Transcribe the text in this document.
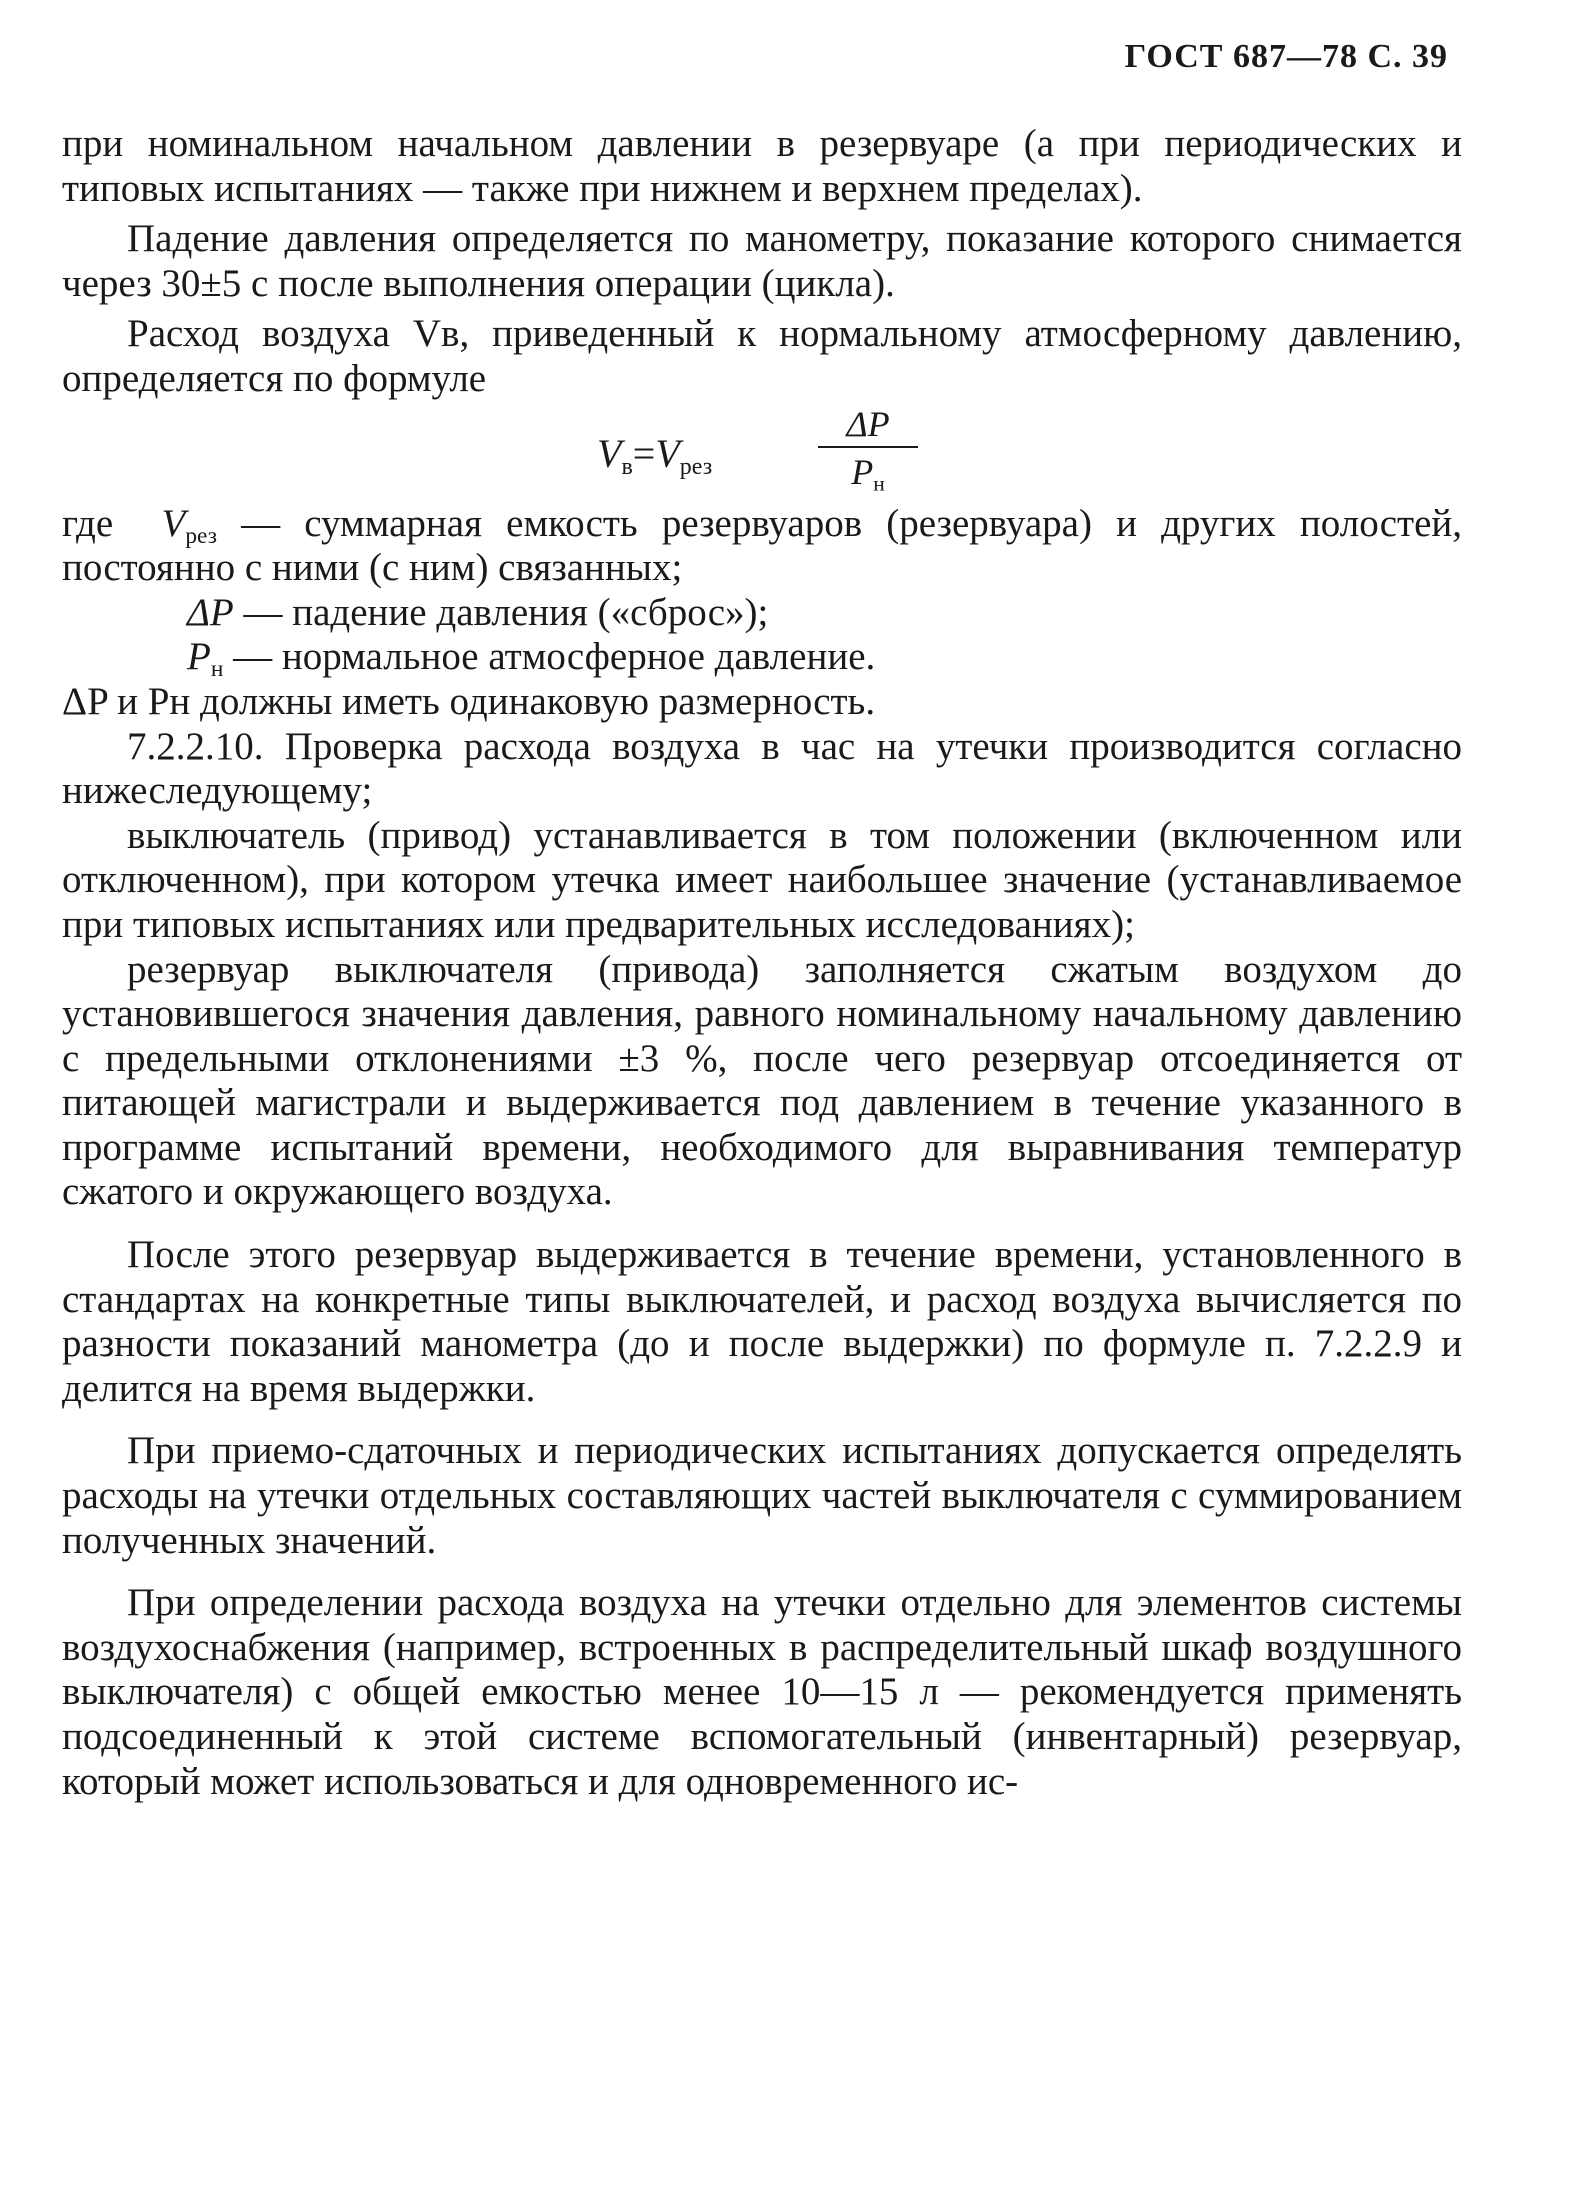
ГОСТ 687—78 С. 39

при номинальном начальном давлении в резервуаре (а при периодических и типовых испытаниях — также при нижнем и верхнем пределах).

Падение давления определяется по манометру, показание которого снимается через 30±5 с после выполнения операции (цикла).

Расход воздуха Vв, приведенный к нормальному атмосферному давлению, определяется по формуле

$V_в=V_{рез}$
ΔP
$P_н$
где $V_{рез}$ — суммарная емкость резервуаров (резервуара) и других полостей, постоянно с ними (с ним) связанных;
ΔP — падение давления («сброс»);
$P_н$ — нормальное атмосферное давление.

ΔP и Pн должны иметь одинаковую размерность.

7.2.2.10. Проверка расхода воздуха в час на утечки производится согласно нижеследующему;

выключатель (привод) устанавливается в том положении (включенном или отключенном), при котором утечка имеет наибольшее значение (устанавливаемое при типовых испытаниях или предварительных исследованиях);

резервуар выключателя (привода) заполняется сжатым воздухом до установившегося значения давления, равного номинальному начальному давлению с предельными отклонениями ±3 %, после чего резервуар отсоединяется от питающей магистрали и выдерживается под давлением в течение указанного в программе испытаний времени, необходимого для выравнивания температур сжатого и окружающего воздуха.

После этого резервуар выдерживается в течение времени, установленного в стандартах на конкретные типы выключателей, и расход воздуха вычисляется по разности показаний манометра (до и после выдержки) по формуле п. 7.2.2.9 и делится на время выдержки.

При приемо-сдаточных и периодических испытаниях допускается определять расходы на утечки отдельных составляющих частей выключателя с суммированием полученных значений.

При определении расхода воздуха на утечки отдельно для элементов системы воздухоснабжения (например, встроенных в распределительный шкаф воздушного выключателя) с общей емкостью менее 10—15 л — рекомендуется применять подсоединенный к этой системе вспомогательный (инвентарный) резервуар, который может использоваться и для одновременного ис-
